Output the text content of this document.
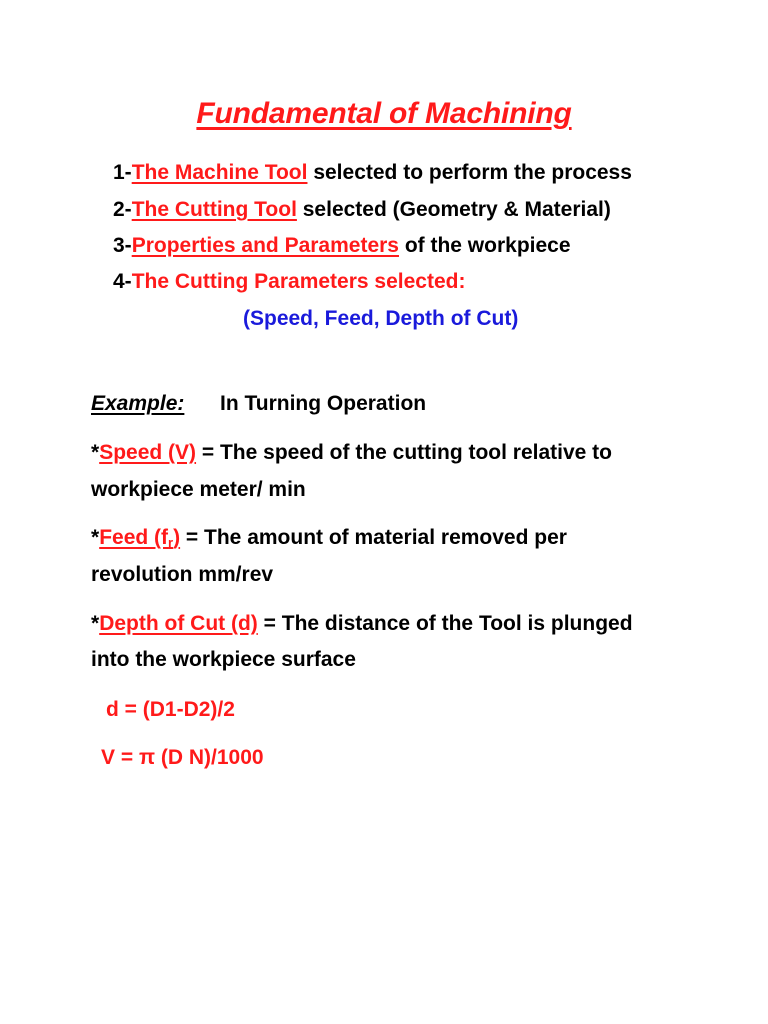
Fundamental of Machining
1-The Machine Tool selected to perform the process
2-The Cutting Tool selected (Geometry & Material)
3-Properties and Parameters of the workpiece
4-The Cutting Parameters selected:
(Speed, Feed, Depth of Cut)
Example: In Turning Operation
*Speed (V) = The speed of the cutting tool relative to
workpiece meter/ min
*Feed $(f_r)$ = The amount of material removed per
revolution mm/rev
*Depth of Cut (d) = The distance of the Tool is plunged
into the workpiece surface
d = (D1-D2)/2
V = π (D N)/1000
